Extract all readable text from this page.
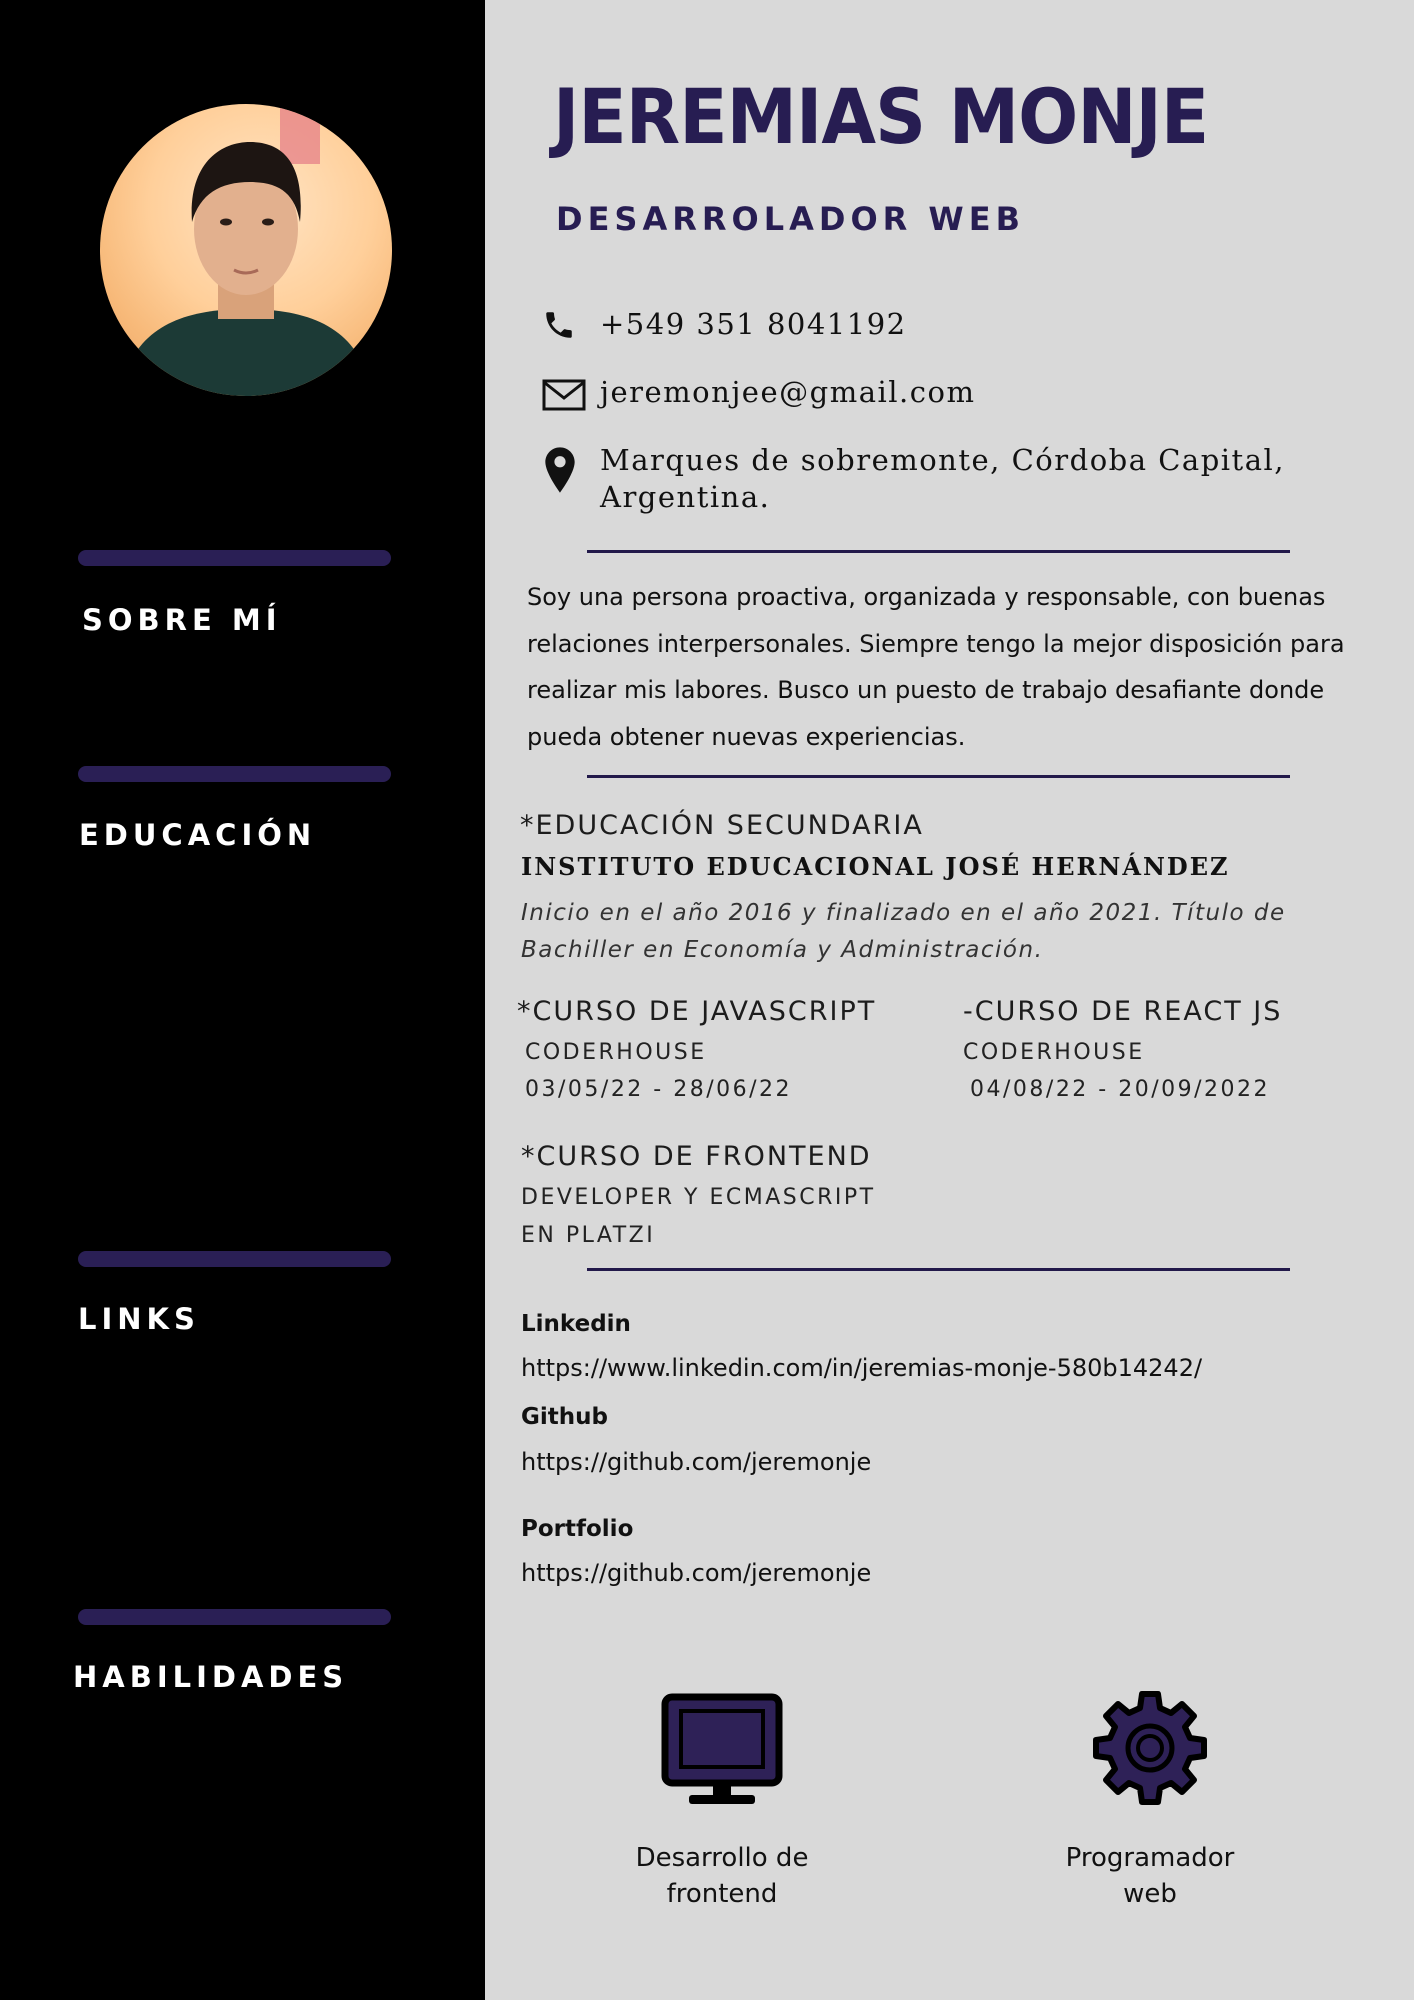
SOBRE MÍ
EDUCACIÓN
LINKS
HABILIDADES
JEREMIAS MONJE
DESARROLADOR WEB
+549 351 8041192
jeremonjee@gmail.com
Marques de sobremonte, Córdoba Capital,
Argentina.
Soy una persona proactiva, organizada y responsable, con buenas relaciones interpersonales. Siempre tengo la mejor disposición para realizar mis labores. Busco un puesto de trabajo desafiante donde pueda obtener nuevas experiencias.
*EDUCACIÓN SECUNDARIA
INSTITUTO EDUCACIONAL JOSÉ HERNÁNDEZ
Inicio en el año 2016 y finalizado en el año 2021. Título de Bachiller en Economía y Administración.
*CURSO DE JAVASCRIPT
CODERHOUSE
03/05/22 - 28/06/22
-CURSO DE REACT JS
CODERHOUSE
04/08/22 - 20/09/2022
*CURSO DE FRONTEND
DEVELOPER Y ECMASCRIPT
EN PLATZI
Linkedin
https://www.linkedin.com/in/jeremias-monje-580b14242/
Github
https://github.com/jeremonje
Portfolio
https://github.com/jeremonje
Desarrollo de
frontend
Programador
web
